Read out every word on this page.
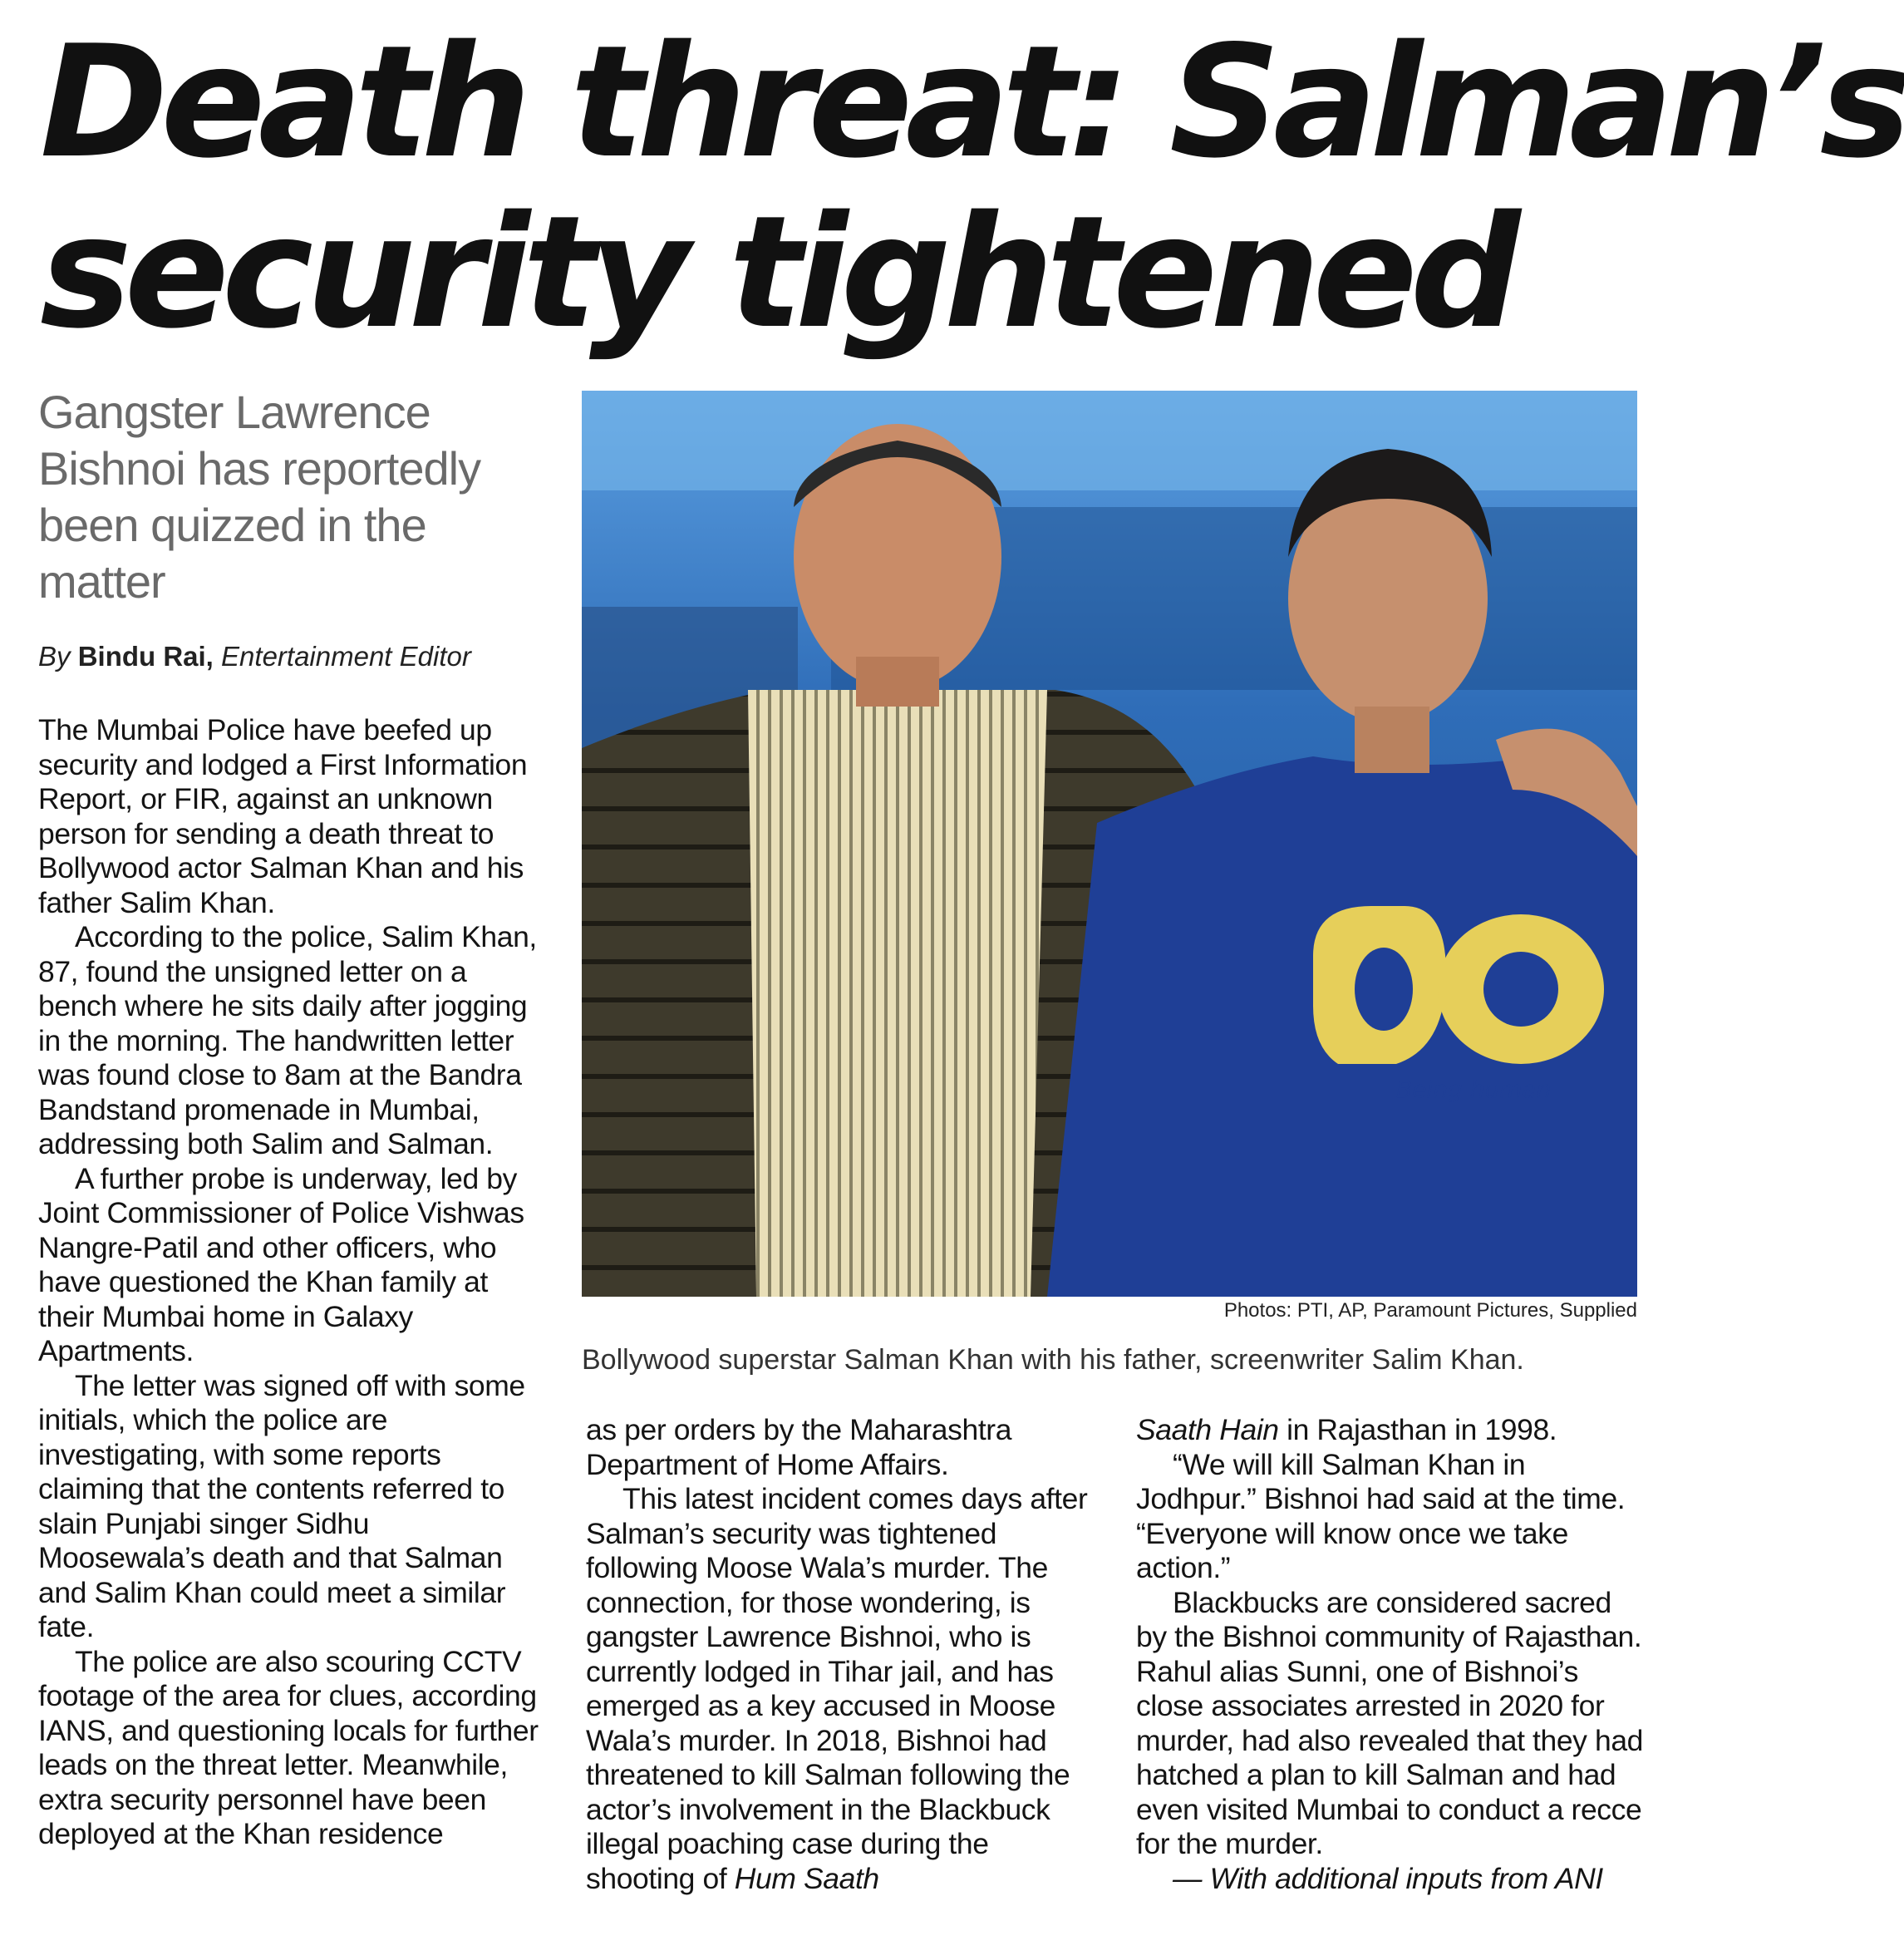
Death threat: Salman’s
security tightened
Gangster Lawrence Bishnoi has reportedly been quizzed in the matter
By Bindu Rai, Entertainment Editor
Being human
Photos: PTI, AP, Paramount Pictures, Supplied
Bollywood superstar Salman Khan with his father, screenwriter Salim Khan.

The Mumbai Police have beefed up security and lodged a First Information Report, or FIR, against an unknown person for sending a death threat to Bollywood actor Salman Khan and his father Salim Khan.

According to the police, Salim Khan, 87, found the unsigned letter on a bench where he sits daily after jogging in the morning. The handwritten letter was found close to 8am at the Bandra Bandstand promenade in Mumbai, addressing both Salim and Salman.

A further probe is underway, led by Joint Commissioner of Police Vishwas Nangre-Patil and other officers, who have questioned the Khan family at their Mumbai home in Galaxy Apartments.

The letter was signed off with some initials, which the police are investigating, with some reports claiming that the contents referred to slain Punjabi singer Sidhu Moosewala’s death and that Salman and Salim Khan could meet a similar fate.

The police are also scouring CCTV footage of the area for clues, according IANS, and questioning locals for further leads on the threat letter. Meanwhile, extra security personnel have been deployed at the Khan residence

as per orders by the Maharashtra Department of Home Affairs.

This latest incident comes days after Salman’s security was tightened following Moose Wala’s murder. The connection, for those wondering, is gangster Lawrence Bishnoi, who is currently lodged in Tihar jail, and has emerged as a key accused in Moose Wala’s murder. In 2018, Bishnoi had threatened to kill Salman following the actor’s involvement in the Blackbuck illegal poaching case during the shooting of Hum Saath

Saath Hain in Rajasthan in 1998.

“We will kill Salman Khan in Jodhpur.” Bishnoi had said at the time. “Everyone will know once we take action.”

Blackbucks are considered sacred by the Bishnoi community of Rajasthan. Rahul alias Sunni, one of Bishnoi’s close associates arrested in 2020 for murder, had also revealed that they had hatched a plan to kill Salman and had even visited Mumbai to conduct a recce for the murder.

— With additional inputs from ANI
